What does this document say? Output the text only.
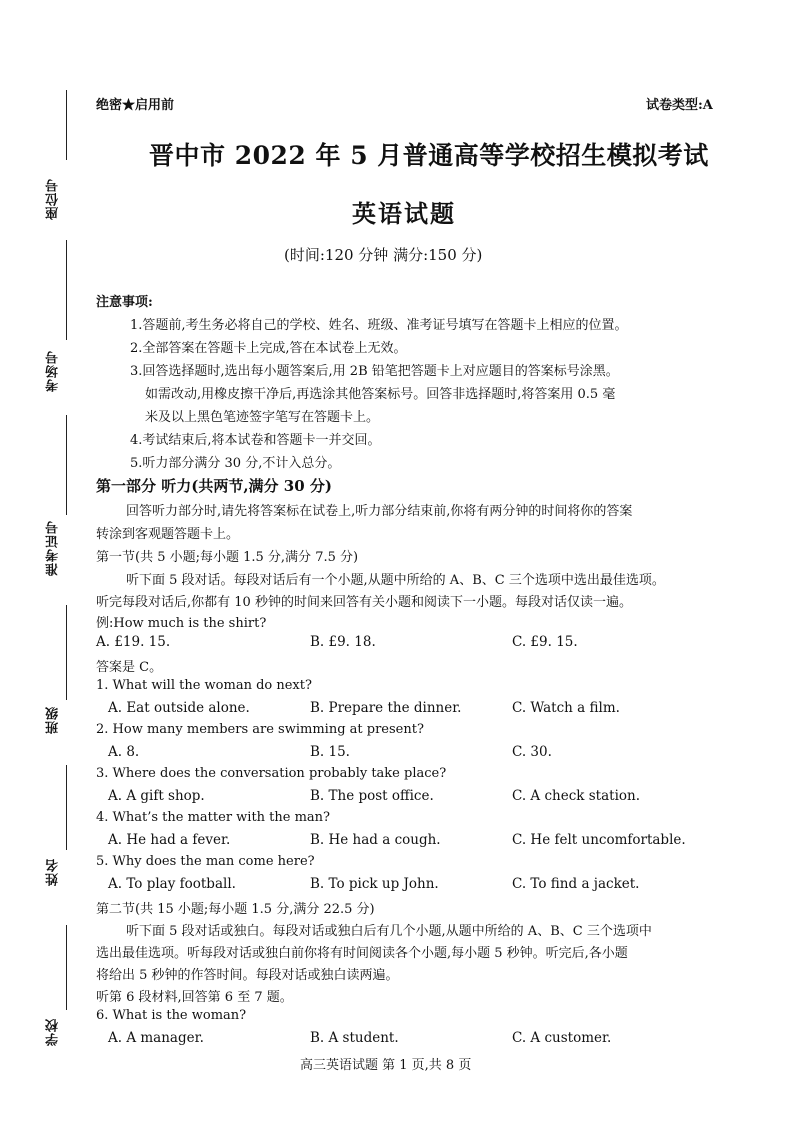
座位号
考场号
准考证号
班级
姓名
学校
绝密★启用前	试卷类型:A
晋中市 2022 年 5 月普通高等学校招生模拟考试
英语试题
(时间:120 分钟 满分:150 分)
注意事项:
1.答题前,考生务必将自己的学校、姓名、班级、准考证号填写在答题卡上相应的位置。
2.全部答案在答题卡上完成,答在本试卷上无效。
3.回答选择题时,选出每小题答案后,用 2B 铅笔把答题卡上对应题目的答案标号涂黑。
如需改动,用橡皮擦干净后,再选涂其他答案标号。回答非选择题时,将答案用 0.5 毫
米及以上黑色笔迹签字笔写在答题卡上。
4.考试结束后,将本试卷和答题卡一并交回。
5.听力部分满分 30 分,不计入总分。
第一部分 听力(共两节,满分 30 分)
回答听力部分时,请先将答案标在试卷上,听力部分结束前,你将有两分钟的时间将你的答案
转涂到客观题答题卡上。
第一节(共 5 小题;每小题 1.5 分,满分 7.5 分)
听下面 5 段对话。每段对话后有一个小题,从题中所给的 A、B、C 三个选项中选出最佳选项。
听完每段对话后,你都有 10 秒钟的时间来回答有关小题和阅读下一小题。每段对话仅读一遍。
例:How much is the shirt?
A. £19. 15.	B. £9. 18.	C. £9. 15.
答案是 C。
1. What will the woman do next?
A. Eat outside alone.	B. Prepare the dinner.	C. Watch a film.
2. How many members are swimming at present?
A. 8.	B. 15.	C. 30.
3. Where does the conversation probably take place?
A. A gift shop.	B. The post office.	C. A check station.
4. What’s the matter with the man?
A. He had a fever.	B. He had a cough.	C. He felt uncomfortable.
5. Why does the man come here?
A. To play football.	B. To pick up John.	C. To find a jacket.
第二节(共 15 小题;每小题 1.5 分,满分 22.5 分)
听下面 5 段对话或独白。每段对话或独白后有几个小题,从题中所给的 A、B、C 三个选项中
选出最佳选项。听每段对话或独白前你将有时间阅读各个小题,每小题 5 秒钟。听完后,各小题
将给出 5 秒钟的作答时间。每段对话或独白读两遍。
听第 6 段材料,回答第 6 至 7 题。
6. What is the woman?
A. A manager.	B. A student.	C. A customer.
高三英语试题 第 1 页,共 8 页
